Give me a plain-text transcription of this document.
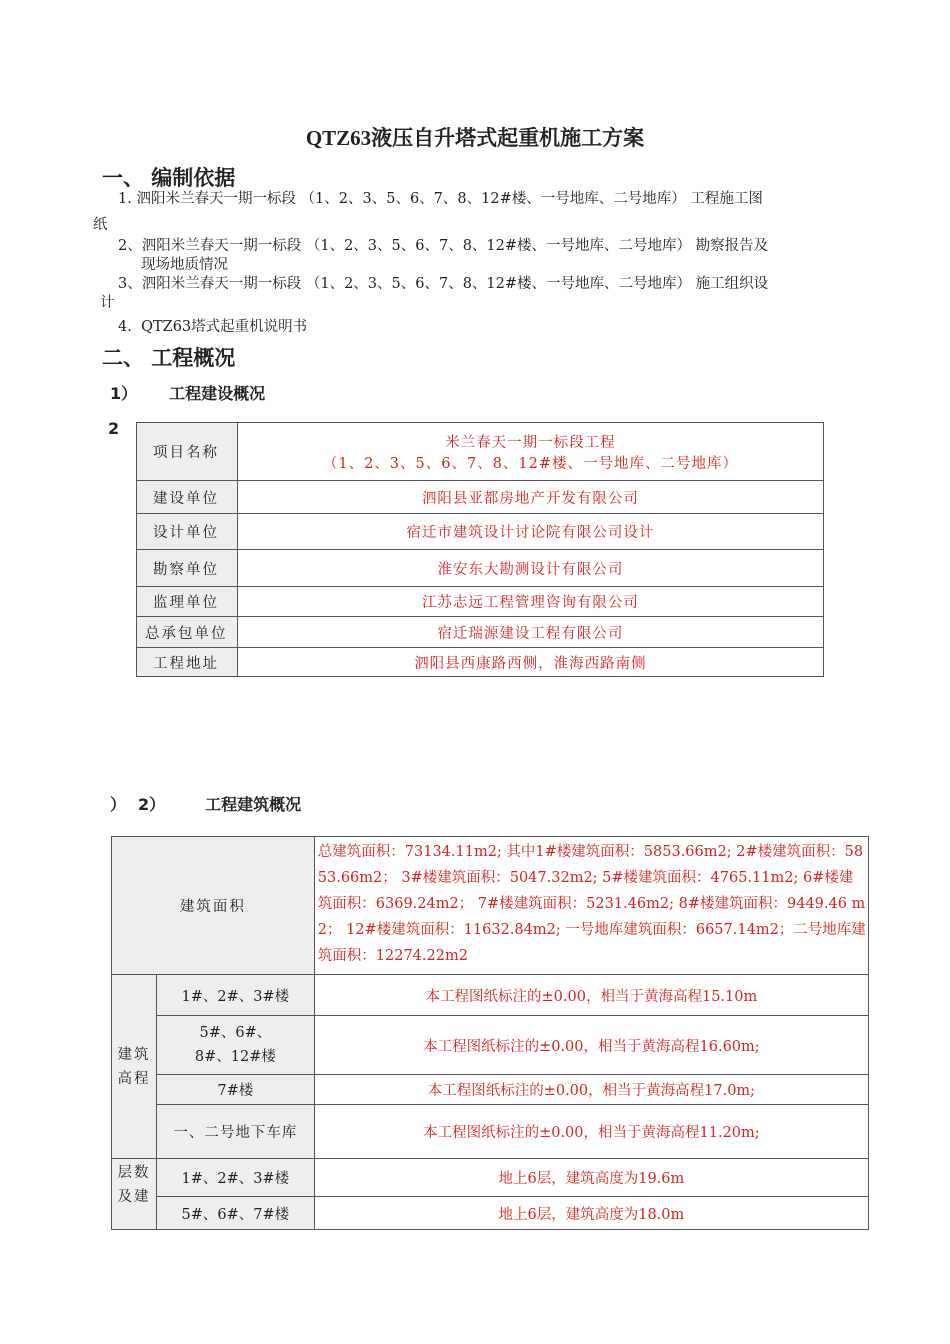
QTZ63液压自升塔式起重机施工方案
一、 编制依据
1. 泗阳米兰春天一期一标段 （1、2、3、5、6、7、8、12#楼、一号地库、二号地库） 工程施工图
纸
2、泗阳米兰春天一期一标段 （1、2、3、5、6、7、8、12#楼、一号地库、二号地库） 勘察报告及
现场地质情况
3、泗阳米兰春天一期一标段 （1、2、3、5、6、7、8、12#楼、一号地库、二号地库） 施工组织设
计
4. QTZ63塔式起重机说明书
二、 工程概况
1） 工程建设概况
2
项目名称	米兰春天一期一标段工程
（1、2、3、5、6、7、8、12#楼、一号地库、二号地库）

建设单位	泗阳县亚都房地产开发有限公司
设计单位	宿迁市建筑设计讨论院有限公司设计
勘察单位	淮安东大勘测设计有限公司
监理单位	江苏志远工程管理咨询有限公司
总承包单位	宿迁瑞源建设工程有限公司
工程地址	泗阳县西康路西侧，淮海西路南侧
） 2）	工程建筑概况
建筑面积		总建筑面积：73134.11m2; 其中1#楼建筑面积：5853.66m2; 2#楼建筑面积：5853.66m2； 3#楼建筑面积：5047.32m2; 5#楼建筑面积：4765.11m2; 6#楼建筑面积：6369.24m2； 7#楼建筑面积：5231.46m2; 8#楼建筑面积：9449.46 m2； 12#楼建筑面积：11632.84m2; 一号地库建筑面积：6657.14m2；二号地库建筑面积：12274.22m2

建筑高程	1#、2#、3#楼	本工程图纸标注的±0.00，相当于黄海高程15.10m

	5#、6#、
8#、12#楼	本工程图纸标注的±0.00，相当于黄海高程16.60m;
	7#楼	本工程图纸标注的±0.00，相当于黄海高程17.0m;
	一、二号地下车库	本工程图纸标注的±0.00，相当于黄海高程11.20m;
层数及建	1#、2#、3#楼	地上6层，建筑高度为19.6m
	5#、6#、7#楼	地上6层，建筑高度为18.0m
